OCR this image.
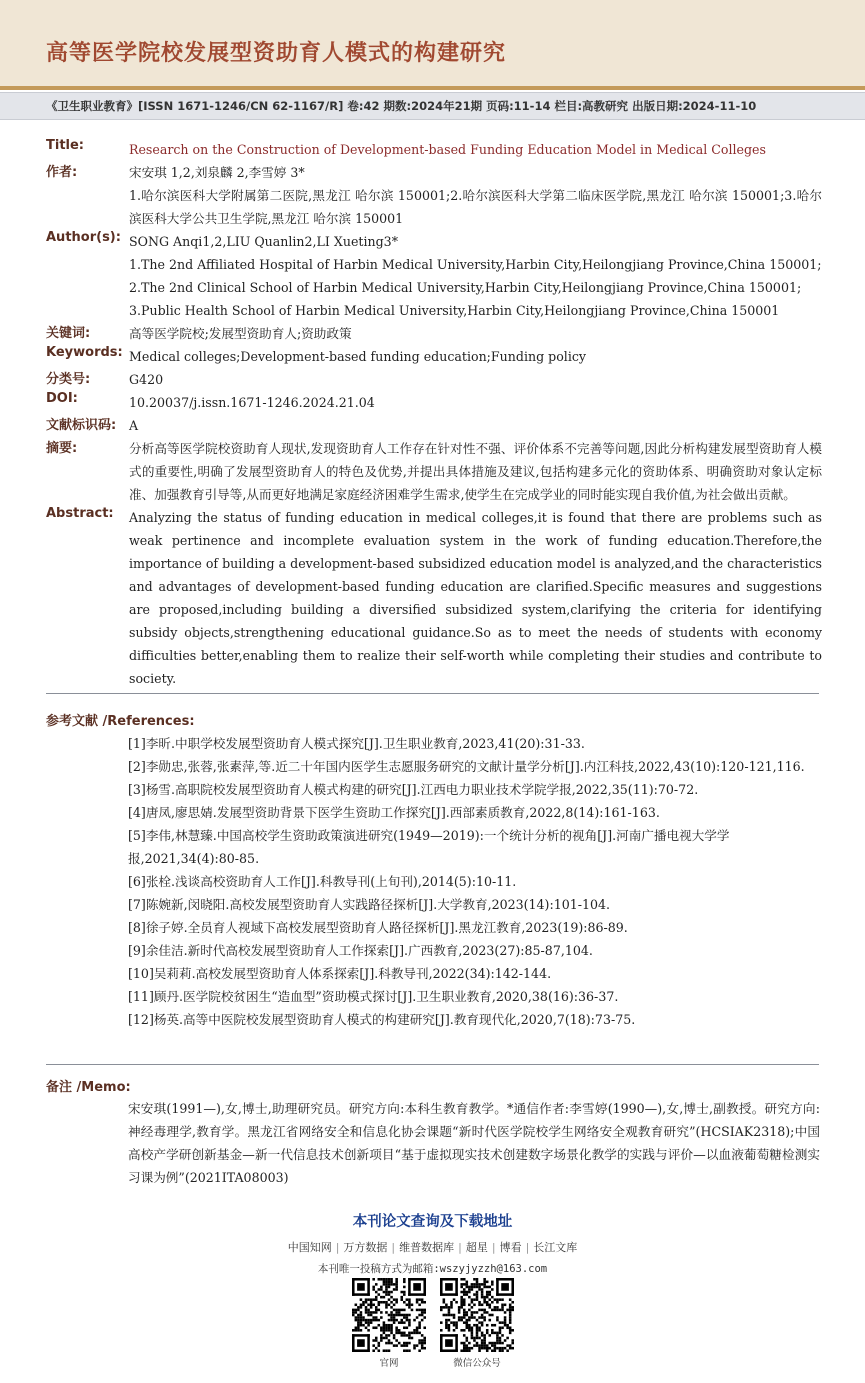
高等医学院校发展型资助育人模式的构建研究
《卫生职业教育》[ISSN 1671-1246/CN 62-1167/R] 卷:42 期数:2024年21期 页码:11-14 栏目:高教研究 出版日期:2024-11-10
Title:	Research on the Construction of Development-based Funding Education Model in Medical Colleges
作者:	宋安琪 1,2,刘泉麟 2,李雪婷 3*
1.哈尔滨医科大学附属第二医院,黑龙江 哈尔滨 150001;2.哈尔滨医科大学第二临床医学院,黑龙江 哈尔滨 150001;3.哈尔滨医科大学公共卫生学院,黑龙江 哈尔滨 150001
Author(s): SONG Anqi1,2,LIU Quanlin2,LI Xueting3*
1.The 2nd Affiliated Hospital of Harbin Medical University,Harbin City,Heilongjiang Province,China 150001;
2.The 2nd Clinical School of Harbin Medical University,Harbin City,Heilongjiang Province,China 150001;
3.Public Health School of Harbin Medical University,Harbin City,Heilongjiang Province,China 150001
关键词:	高等医学院校;发展型资助育人;资助政策
Keywords: Medical colleges;Development-based funding education;Funding policy
分类号:	G420
DOI:	10.20037/j.issn.1671-1246.2024.21.04
文献标识码: A
摘要:	分析高等医学院校资助育人现状,发现资助育人工作存在针对性不强、评价体系不完善等问题,因此分析构建发展型资助育人模式的重要性,明确了发展型资助育人的特色及优势,并提出具体措施及建议,包括构建多元化的资助体系、明确资助对象认定标准、加强教育引导等,从而更好地满足家庭经济困难学生需求,使学生在完成学业的同时能实现自我价值,为社会做出贡献。
Abstract: Analyzing the status of funding education in medical colleges,it is found that there are problems such as weak pertinence and incomplete evaluation system in the work of funding education.Therefore,the importance of building a development-based subsidized education model is analyzed,and the characteristics and advantages of development-based funding education are clarified.Specific measures and suggestions are proposed,including building a diversified subsidized system,clarifying the criteria for identifying subsidy objects,strengthening educational guidance.So as to meet the needs of students with economy difficulties better,enabling them to realize their self-worth while completing their studies and contribute to society.
参考文献 /References:

[1]李昕.中职学校发展型资助育人模式探究[J].卫生职业教育,2023,41(20):31-33.

[2]李勋忠,张蓉,张素萍,等.近二十年国内医学生志愿服务研究的文献计量学分析[J].内江科技,2022,43(10):120-121,116.

[3]杨雪.高职院校发展型资助育人模式构建的研究[J].江西电力职业技术学院学报,2022,35(11):70-72.

[4]唐凤,廖思婧.发展型资助背景下医学生资助工作探究[J].西部素质教育,2022,8(14):161-163.

[5]李伟,林慧臻.中国高校学生资助政策演进研究(1949—2019):一个统计分析的视角[J].河南广播电视大学学报,2021,34(4):80-85.

[6]张栓.浅谈高校资助育人工作[J].科教导刊(上旬刊),2014(5):10-11.

[7]陈婉新,闵晓阳.高校发展型资助育人实践路径探析[J].大学教育,2023(14):101-104.

[8]徐子婷.全员育人视域下高校发展型资助育人路径探析[J].黑龙江教育,2023(19):86-89.

[9]余佳洁.新时代高校发展型资助育人工作探索[J].广西教育,2023(27):85-87,104.

[10]吴莉莉.高校发展型资助育人体系探索[J].科教导刊,2022(34):142-144.

[11]顾丹.医学院校贫困生“造血型”资助模式探讨[J].卫生职业教育,2020,38(16):36-37.

[12]杨英.高等中医院校发展型资助育人模式的构建研究[J].教育现代化,2020,7(18):73-75.

备注 /Memo:
宋安琪(1991—),女,博士,助理研究员。研究方向:本科生教育教学。*通信作者:李雪婷(1990—),女,博士,副教授。研究方向:神经毒理学,教育学。黑龙江省网络安全和信息化协会课题“新时代医学院校学生网络安全观教育研究”(HCSIAK2318);中国高校产学研创新基金—新一代信息技术创新项目“基于虚拟现实技术创建数字场景化教学的实践与评价—以血液葡萄糖检测实习课为例”(2021ITA08003)
本刊论文查询及下载地址
中国知网 | 万方数据 | 维普数据库 | 超星 | 博看 | 长江文库
本刊唯一投稿方式为邮箱:wszyjyzzh@163.com
官网	微信公众号
